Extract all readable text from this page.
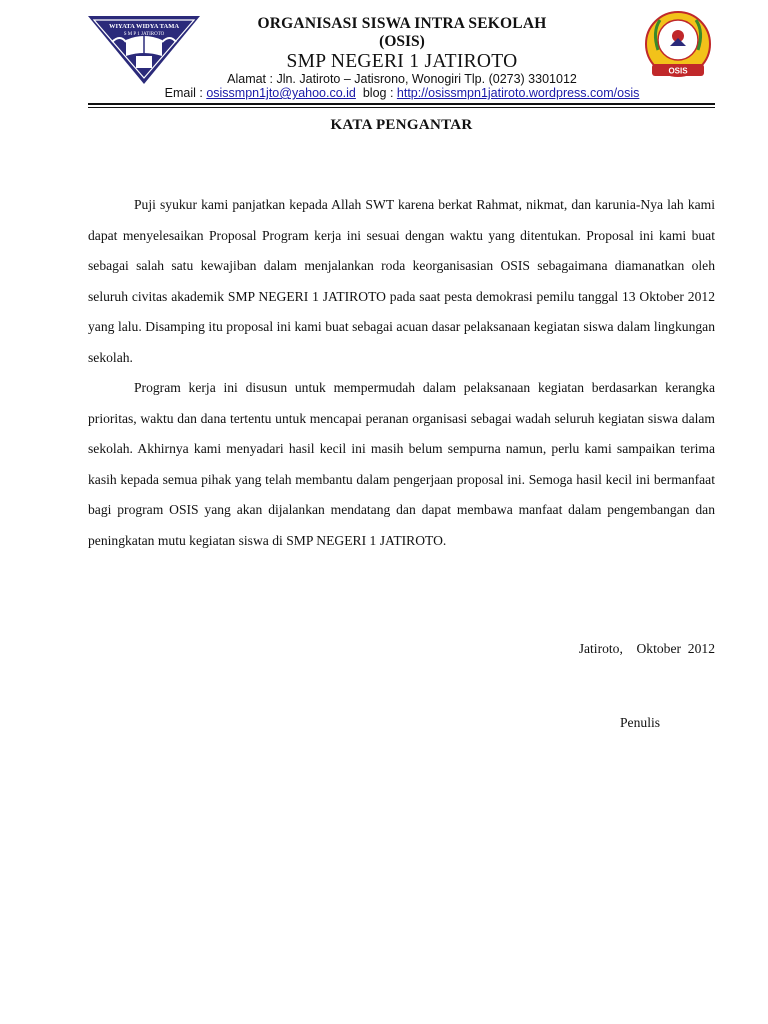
WIYATA WIDYA TAMA
S M P 1 JATIROTO
OSIS
ORGANISASI SISWA INTRA SEKOLAH
(OSIS)
SMP NEGERI 1 JATIROTO
Alamat : Jln. Jatiroto – Jatisrono, Wonogiri Tlp. (0273) 3301012
Email : osissmpn1jto@yahoo.co.id  blog : http://osissmpn1jatiroto.wordpress.com/osis
KATA PENGANTAR

Puji syukur kami panjatkan kepada Allah SWT karena berkat Rahmat, nikmat, dan karunia-Nya lah kami dapat menyelesaikan Proposal Program kerja ini sesuai dengan waktu yang ditentukan. Proposal ini kami buat sebagai salah satu kewajiban dalam menjalankan roda keorganisasian OSIS sebagaimana diamanatkan oleh seluruh civitas akademik SMP NEGERI 1 JATIROTO pada saat pesta demokrasi pemilu tanggal 13 Oktober 2012 yang lalu. Disamping itu proposal ini kami buat sebagai acuan dasar pelaksanaan kegiatan siswa dalam lingkungan sekolah.

Program kerja ini disusun untuk mempermudah dalam pelaksanaan kegiatan berdasarkan kerangka prioritas, waktu dan dana tertentu untuk mencapai peranan organisasi sebagai wadah seluruh kegiatan siswa dalam sekolah. Akhirnya kami menyadari hasil kecil ini masih belum sempurna namun, perlu kami sampaikan terima kasih kepada semua pihak yang telah membantu dalam pengerjaan proposal ini. Semoga hasil kecil ini bermanfaat bagi program OSIS yang akan dijalankan mendatang dan dapat membawa manfaat dalam pengembangan dan peningkatan mutu kegiatan siswa di SMP NEGERI 1 JATIROTO.

Jatiroto,    Oktober  2012
Penulis
